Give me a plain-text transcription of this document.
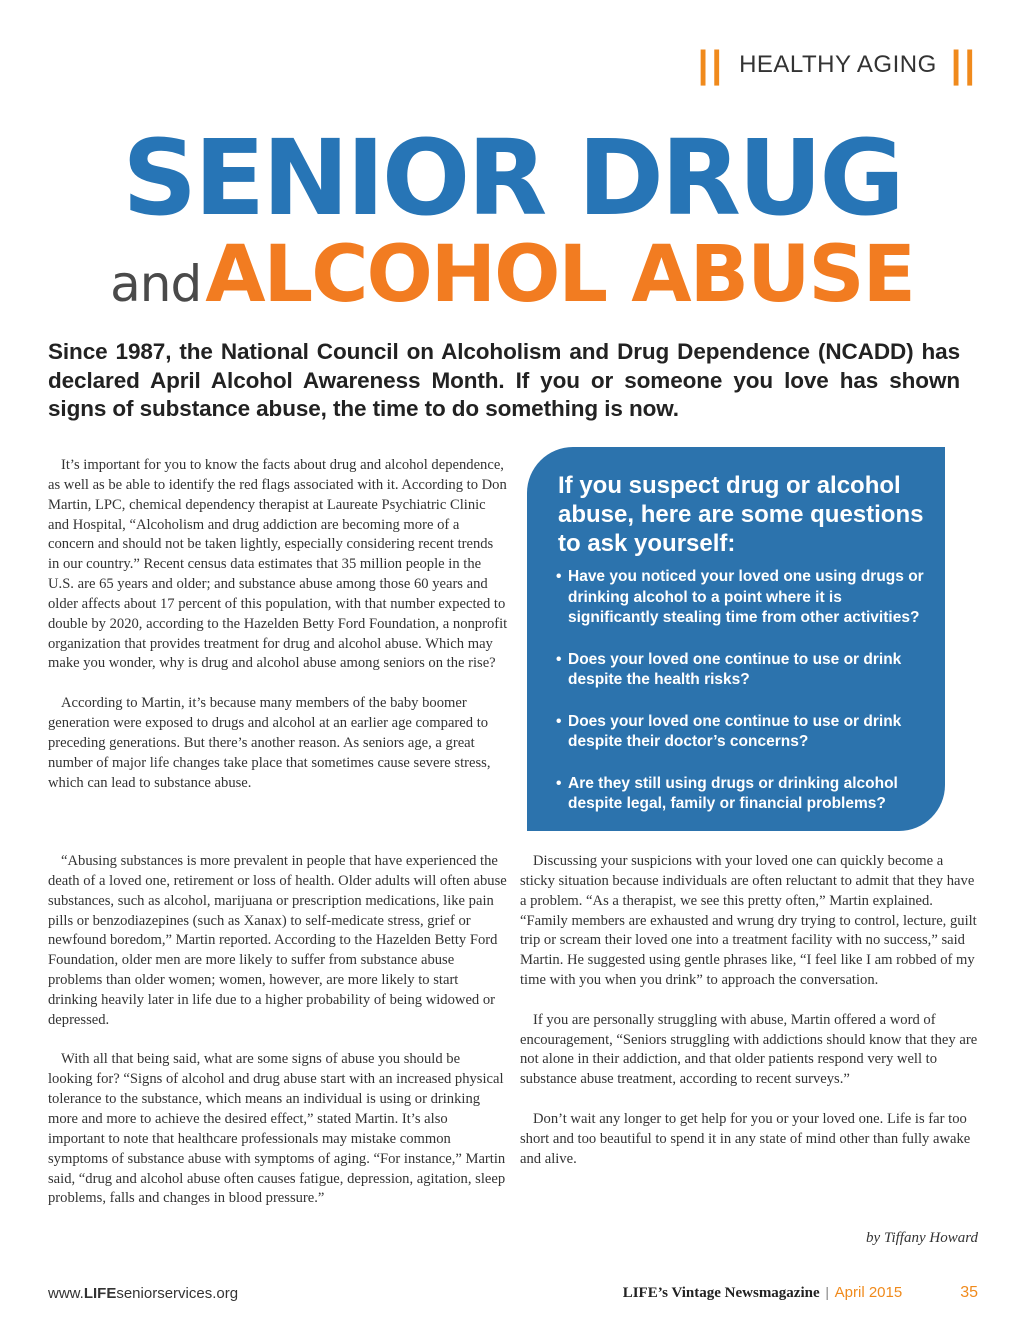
|| HEALTHY AGING ||
SENIOR DRUG
andALCOHOL ABUSE
Since 1987, the National Council on Alcoholism and Drug Dependence (NCADD) has declared April Alcohol Awareness Month. If you or someone you love has shown signs of substance abuse, the time to do something is now.

It’s important for you to know the facts about drug and alcohol dependence, as well as be able to identify the red flags associated with it. According to Don Martin, LPC, chemical dependency therapist at Laureate Psychiatric Clinic and Hospital, “Alcoholism and drug addiction are becoming more of a concern and should not be taken lightly, especially considering recent trends in our country.” Recent census data estimates that 35 million people in the U.S. are 65 years and older; and substance abuse among those 60 years and older affects about 17 percent of this population, with that number expected to double by 2020, according to the Hazelden Betty Ford Foundation, a nonprofit organization that provides treatment for drug and alcohol abuse. Which may make you wonder, why is drug and alcohol abuse among seniors on the rise?

According to Martin, it’s because many members of the baby boomer generation were exposed to drugs and alcohol at an earlier age compared to preceding generations. But there’s another reason. As seniors age, a great number of major life changes take place that sometimes cause severe stress, which can lead to substance abuse.

If you suspect drug or alcohol abuse, here are some questions to ask yourself:
• Have you noticed your loved one using drugs or drinking alcohol to a point where it is significantly stealing time from other activities?
• Does your loved one continue to use or drink despite the health risks?
• Does your loved one continue to use or drink despite their doctor’s concerns?
• Are they still using drugs or drinking alcohol despite legal, family or financial problems?

“Abusing substances is more prevalent in people that have experienced the death of a loved one, retirement or loss of health. Older adults will often abuse substances, such as alcohol, marijuana or prescription medications, like pain pills or benzodiazepines (such as Xanax) to self-medicate stress, grief or newfound boredom,” Martin reported. According to the Hazelden Betty Ford Foundation, older men are more likely to suffer from substance abuse problems than older women; women, however, are more likely to start drinking heavily later in life due to a higher probability of being widowed or depressed.

With all that being said, what are some signs of abuse you should be looking for? “Signs of alcohol and drug abuse start with an increased physical tolerance to the substance, which means an individual is using or drinking more and more to achieve the desired effect,” stated Martin. It’s also important to note that healthcare professionals may mistake common symptoms of substance abuse with symptoms of aging. “For instance,” Martin said, “drug and alcohol abuse often causes fatigue, depression, agitation, sleep problems, falls and changes in blood pressure.”

Discussing your suspicions with your loved one can quickly become a sticky situation because individuals are often reluctant to admit that they have a problem. “As a therapist, we see this pretty often,” Martin explained. “Family members are exhausted and wrung dry trying to control, lecture, guilt trip or scream their loved one into a treatment facility with no success,” said Martin. He suggested using gentle phrases like, “I feel like I am robbed of my time with you when you drink” to approach the conversation.

If you are personally struggling with abuse, Martin offered a word of encouragement, “Seniors struggling with addictions should know that they are not alone in their addiction, and that older patients respond very well to substance abuse treatment, according to recent surveys.”

Don’t wait any longer to get help for you or your loved one. Life is far too short and too beautiful to spend it in any state of mind other than fully awake and alive.

by Tiffany Howard
www.LIFEseniorservices.org	LIFE’s Vintage Newsmagazine | April 2015	35
